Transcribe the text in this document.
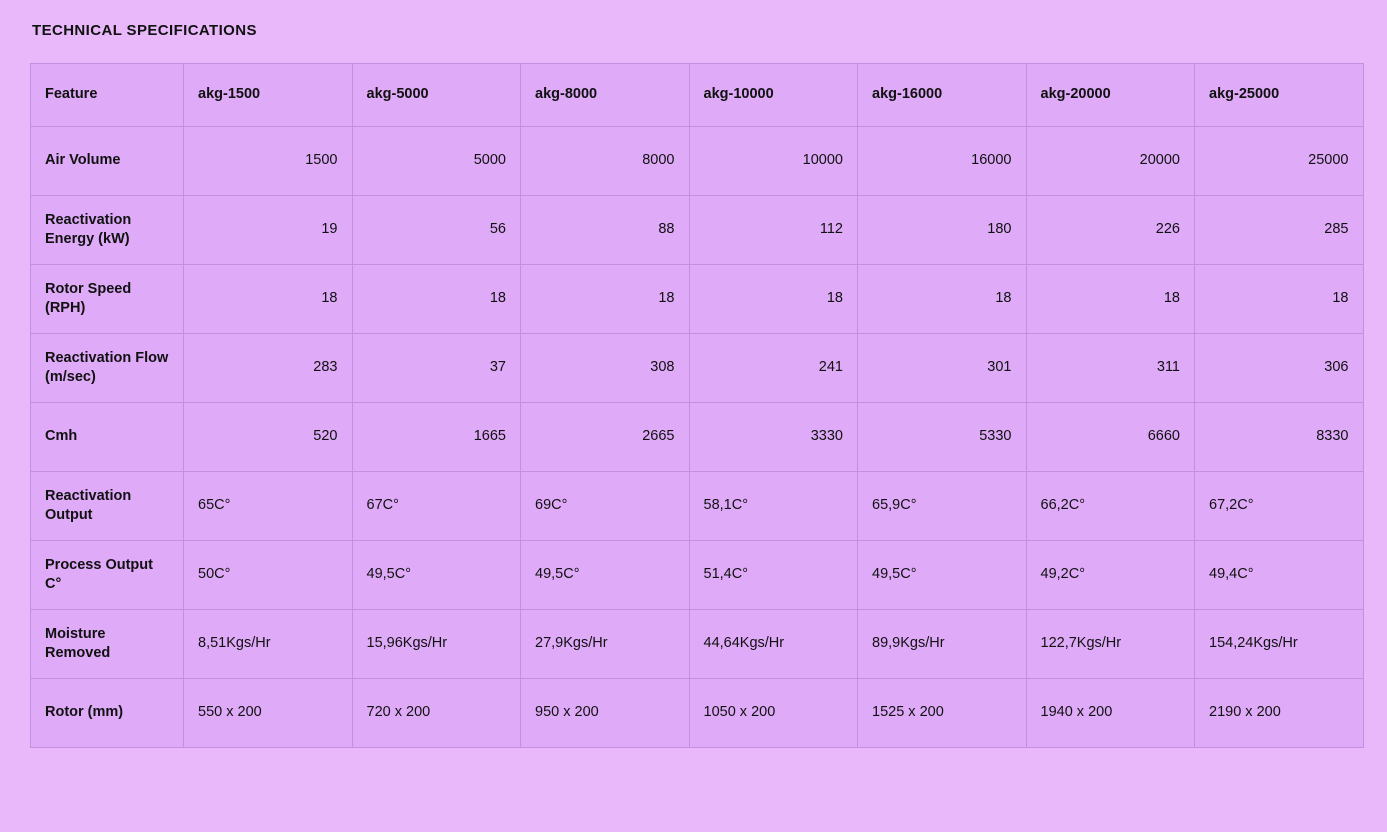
TECHNICAL SPECIFICATIONS
Feature	akg-1500	akg-5000	akg-8000	akg-10000	akg-16000	akg-20000	akg-25000
Air Volume	1500	5000	8000	10000	16000	20000	25000
Reactivation Energy (kW)	19	56	88	112	180	226	285
Rotor Speed (RPH)	18	18	18	18	18	18	18
Reactivation Flow (m/sec)	283	37	308	241	301	311	306
Cmh	520	1665	2665	3330	5330	6660	8330
Reactivation Output	65C°	67C°	69C°	58,1C°	65,9C°	66,2C°	67,2C°
Process Output C°	50C°	49,5C°	49,5C°	51,4C°	49,5C°	49,2C°	49,4C°
Moisture Removed	8,51Kgs/Hr	15,96Kgs/Hr	27,9Kgs/Hr	44,64Kgs/Hr	89,9Kgs/Hr	122,7Kgs/Hr	154,24Kgs/Hr
Rotor (mm)	550 x 200	720 x 200	950 x 200	1050 x 200	1525 x 200	1940 x 200	2190 x 200
